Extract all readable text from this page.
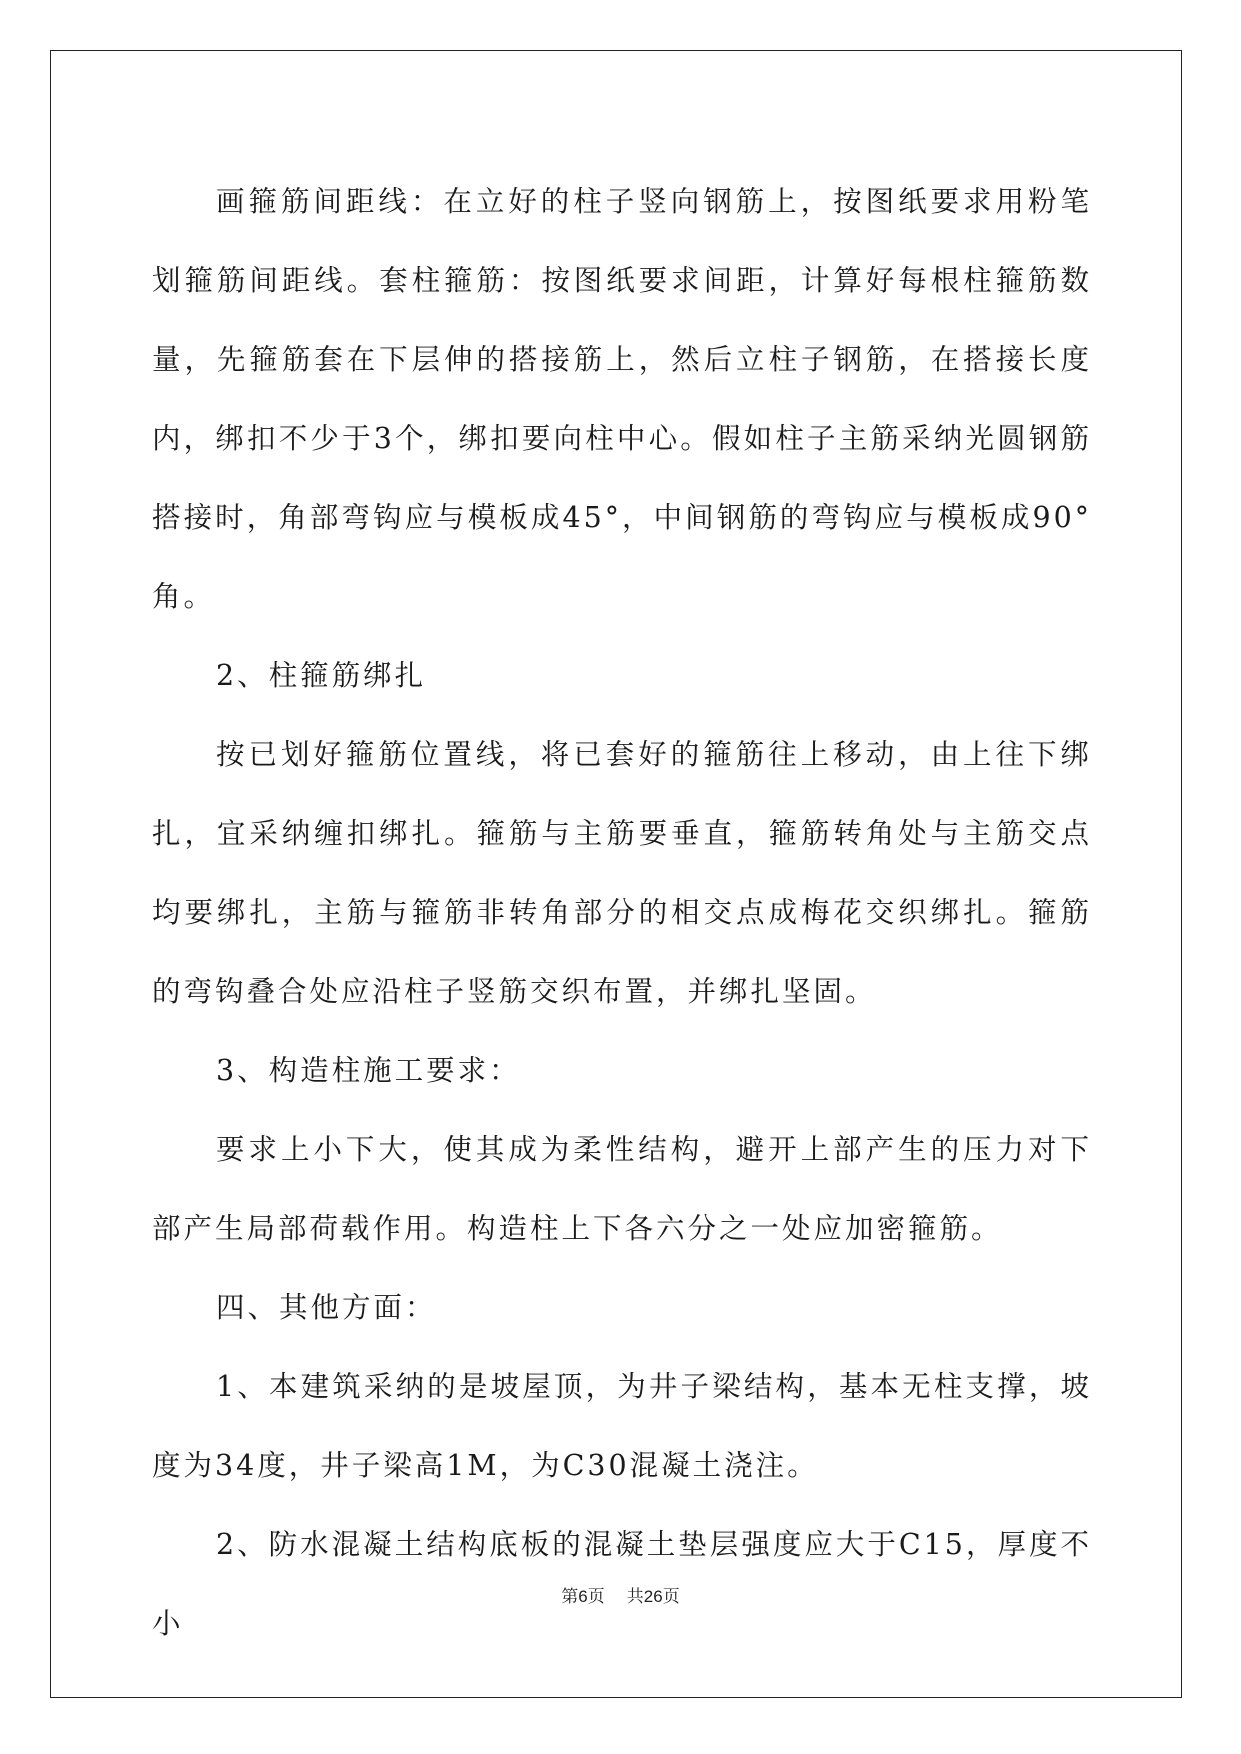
画箍筋间距线：在立好的柱子竖向钢筋上，按图纸要求用粉笔划箍筋间距线。套柱箍筋：按图纸要求间距，计算好每根柱箍筋数量，先箍筋套在下层伸的搭接筋上，然后立柱子钢筋，在搭接长度内，绑扣不少于3个，绑扣要向柱中心。假如柱子主筋采纳光圆钢筋搭接时，角部弯钩应与模板成45°，中间钢筋的弯钩应与模板成90°角。

2、柱箍筋绑扎

按已划好箍筋位置线，将已套好的箍筋往上移动，由上往下绑扎，宜采纳缠扣绑扎。箍筋与主筋要垂直，箍筋转角处与主筋交点均要绑扎，主筋与箍筋非转角部分的相交点成梅花交织绑扎。箍筋的弯钩叠合处应沿柱子竖筋交织布置，并绑扎坚固。

3、构造柱施工要求：

要求上小下大，使其成为柔性结构，避开上部产生的压力对下部产生局部荷载作用。构造柱上下各六分之一处应加密箍筋。

四、其他方面：

1、本建筑采纳的是坡屋顶，为井子梁结构，基本无柱支撑，坡度为34度，井子梁高1M，为C30混凝土浇注。

2、防水混凝土结构底板的混凝土垫层强度应大于C15，厚度不小

第6页 共26页
